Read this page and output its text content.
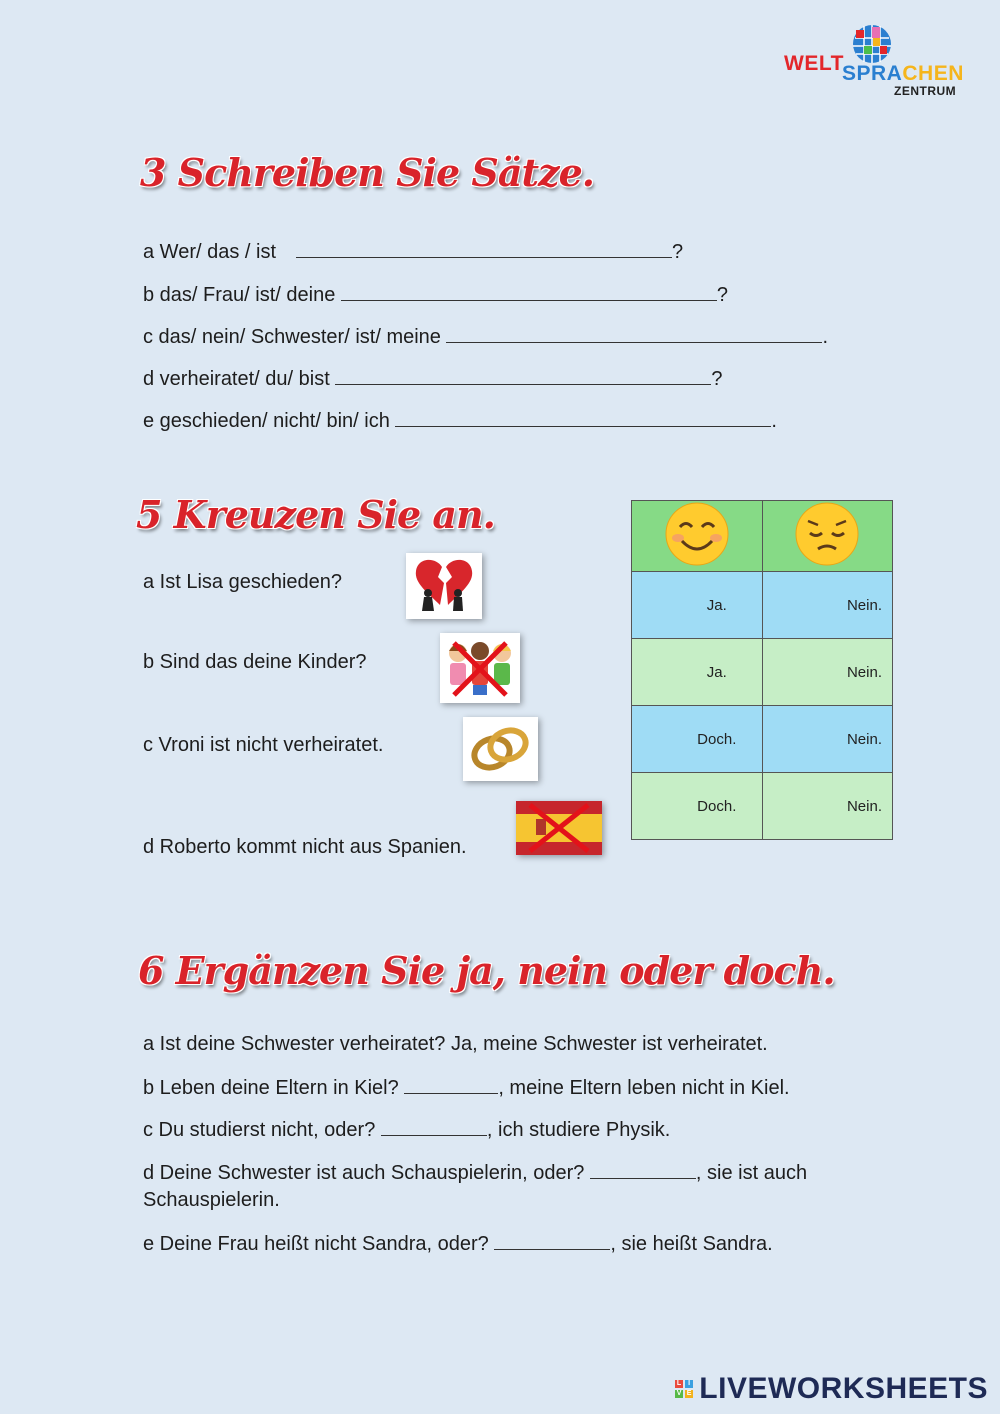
WELT
SPRACHEN
ZENTRUM
3 Schreiben Sie Sätze.
a Wer/ das / ist	?
b das/ Frau/ ist/ deine	?
c das/ nein/ Schwester/ ist/ meine	.
d verheiratet/ du/ bist	?
e geschieden/ nicht/ bin/ ich	.
5 Kreuzen Sie an.
a Ist Lisa geschieden?
b Sind das deine Kinder?
c Vroni ist nicht verheiratet.
d Roberto kommt nicht aus Spanien.

Ja.	Nein.
Ja.	Nein.
Doch.	Nein.
Doch.	Nein.
6 Ergänzen Sie ja, nein oder doch.
a Ist deine Schwester verheiratet? Ja, meine Schwester ist verheiratet.
b Leben deine Eltern in Kiel?	, meine Eltern leben nicht in Kiel.
c Du studierst nicht, oder?	, ich studiere Physik.
d Deine Schwester ist auch Schauspielerin, oder?	, sie ist auch
Schauspielerin.
e Deine Frau heißt nicht Sandra, oder?	, sie heißt Sandra.
L I
V E LIVEWORKSHEETS
